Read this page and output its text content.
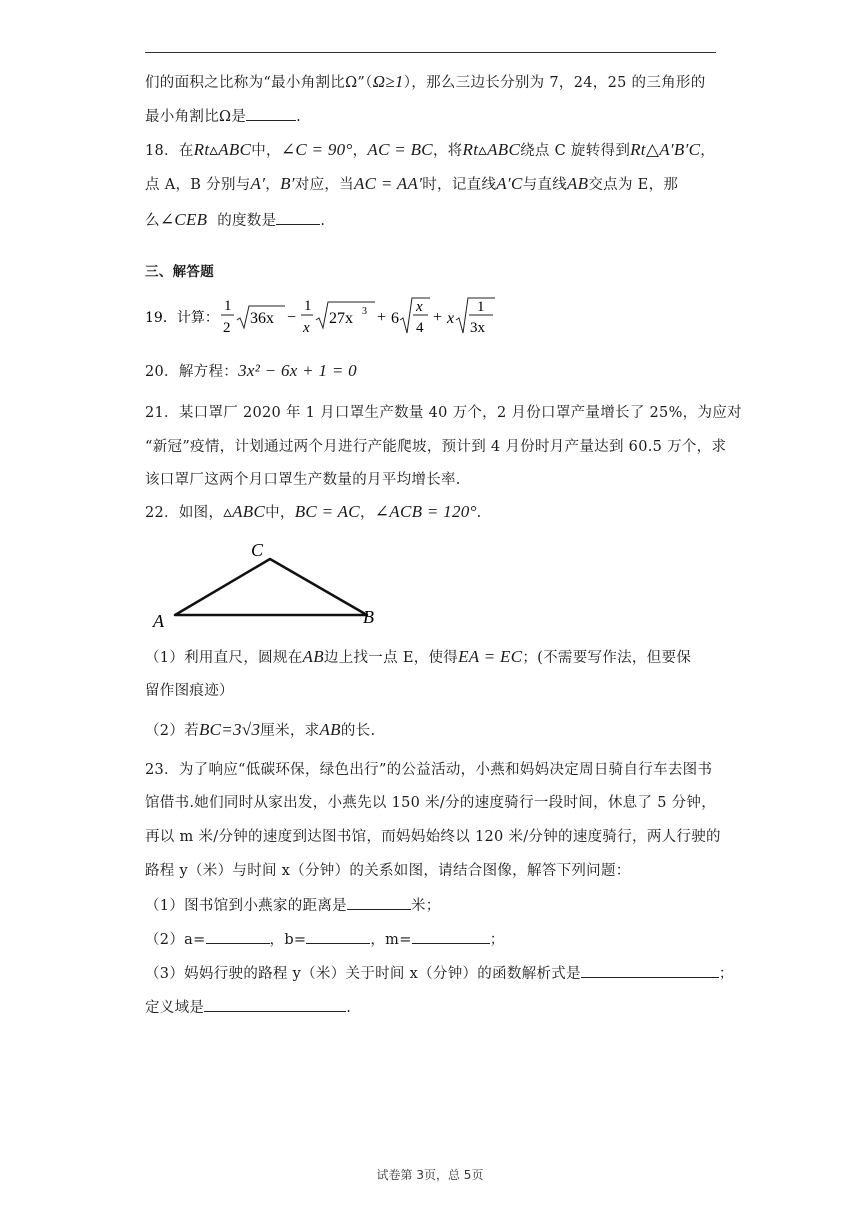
们的面积之比称为“最小角割比Ω”（Ω≥1），那么三边长分别为 7，24，25 的三角形的
最小角割比Ω是	.
18．在Rt▵ABC中，∠C = 90°，AC = BC，将Rt▵ABC绕点 C 旋转得到Rt△A′B′C，
点 A，B 分别与A′，B′对应，当AC = AA′时，记直线A′C与直线AB交点为 E，那
么∠CEB 的度数是	.
三、解答题
19．计算：
1
2
36x −
1
x
27x 3 + 6
x
4
+ x
1
3x
20．解方程：3x² − 6x + 1 = 0
21．某口罩厂 2020 年 1 月口罩生产数量 40 万个，2 月份口罩产量增长了 25%，为应对
“新冠”疫情，计划通过两个月进行产能爬坡，预计到 4 月份时月产量达到 60.5 万个，求
该口罩厂这两个月口罩生产数量的月平均增长率.
22．如图，▵ABC中，BC = AC，∠ACB = 120°.
A
C
B
（1）利用直尺，圆规在AB边上找一点 E，使得EA = EC；(不需要写作法，但要保
留作图痕迹）
（2）若BC=3√3厘米，求AB的长.
23．为了响应“低碳环保，绿色出行”的公益活动，小燕和妈妈决定周日骑自行车去图书
馆借书.她们同时从家出发，小燕先以 150 米/分的速度骑行一段时间，休息了 5 分钟，
再以 m 米/分钟的速度到达图书馆，而妈妈始终以 120 米/分钟的速度骑行，两人行驶的
路程 y（米）与时间 x（分钟）的关系如图，请结合图像，解答下列问题：
（1）图书馆到小燕家的距离是	米；
（2）a=	，b=	，m=	；
（3）妈妈行驶的路程 y（米）关于时间 x（分钟）的函数解析式是	；
定义域是	.
试卷第 3页，总 5页
